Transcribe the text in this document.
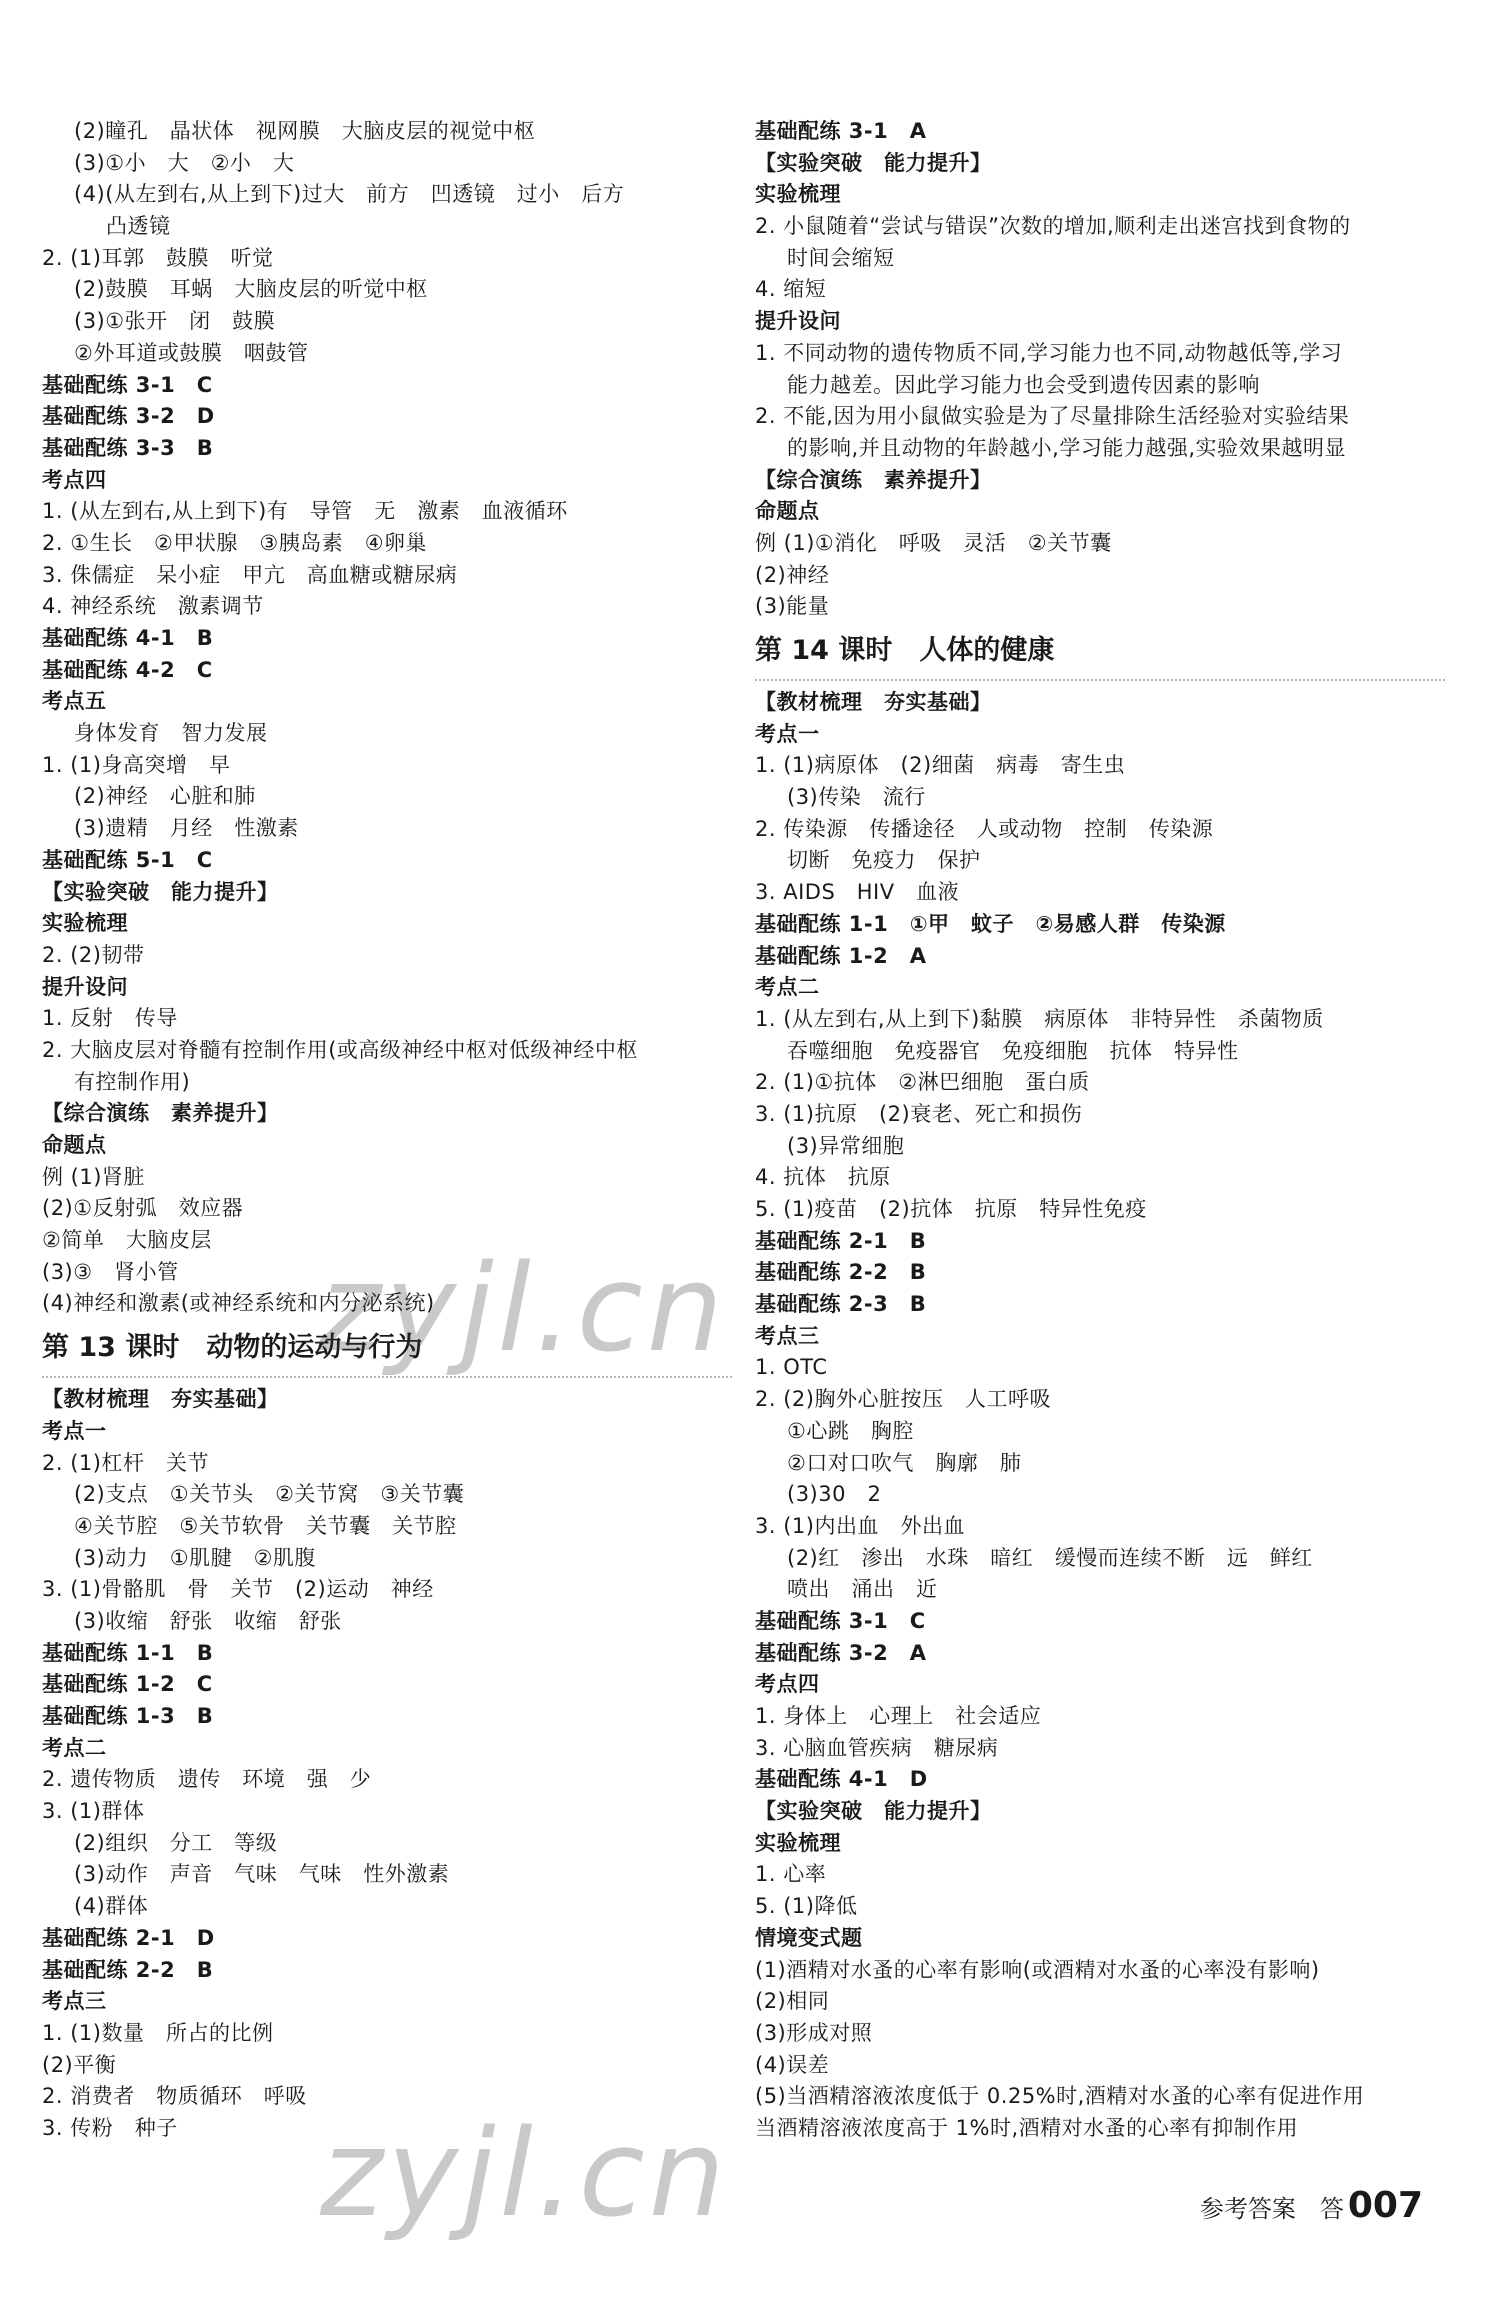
(2)瞳孔　晶状体　视网膜　大脑皮层的视觉中枢
(3)①小　大　②小　大
(4)(从左到右,从上到下)过大　前方　凹透镜　过小　后方
凸透镜
2. (1)耳郭　鼓膜　听觉
(2)鼓膜　耳蜗　大脑皮层的听觉中枢
(3)①张开　闭　鼓膜
②外耳道或鼓膜　咽鼓管
基础配练 3-1　C
基础配练 3-2　D
基础配练 3-3　B
考点四
1. (从左到右,从上到下)有　导管　无　激素　血液循环
2. ①生长　②甲状腺　③胰岛素　④卵巢
3. 侏儒症　呆小症　甲亢　高血糖或糖尿病
4. 神经系统　激素调节
基础配练 4-1　B
基础配练 4-2　C
考点五
身体发育　智力发展
1. (1)身高突增　早
(2)神经　心脏和肺
(3)遗精　月经　性激素
基础配练 5-1　C
【实验突破　能力提升】
实验梳理
2. (2)韧带
提升设问
1. 反射　传导
2. 大脑皮层对脊髓有控制作用(或高级神经中枢对低级神经中枢
有控制作用)
【综合演练　素养提升】
命题点
例 (1)肾脏
(2)①反射弧　效应器
②简单　大脑皮层
(3)③　肾小管
(4)神经和激素(或神经系统和内分泌系统)
第 13 课时　动物的运动与行为
【教材梳理　夯实基础】
考点一
2. (1)杠杆　关节
(2)支点　①关节头　②关节窝　③关节囊
④关节腔　⑤关节软骨　关节囊　关节腔
(3)动力　①肌腱　②肌腹
3. (1)骨骼肌　骨　关节　(2)运动　神经
(3)收缩　舒张　收缩　舒张
基础配练 1-1　B
基础配练 1-2　C
基础配练 1-3　B
考点二
2. 遗传物质　遗传　环境　强　少
3. (1)群体
(2)组织　分工　等级
(3)动作　声音　气味　气味　性外激素
(4)群体
基础配练 2-1　D
基础配练 2-2　B
考点三
1. (1)数量　所占的比例
(2)平衡
2. 消费者　物质循环　呼吸
3. 传粉　种子
基础配练 3-1　A
【实验突破　能力提升】
实验梳理
2. 小鼠随着“尝试与错误”次数的增加,顺利走出迷宫找到食物的
时间会缩短
4. 缩短
提升设问
1. 不同动物的遗传物质不同,学习能力也不同,动物越低等,学习
能力越差。因此学习能力也会受到遗传因素的影响
2. 不能,因为用小鼠做实验是为了尽量排除生活经验对实验结果
的影响,并且动物的年龄越小,学习能力越强,实验效果越明显
【综合演练　素养提升】
命题点
例 (1)①消化　呼吸　灵活　②关节囊
(2)神经
(3)能量
第 14 课时　人体的健康
【教材梳理　夯实基础】
考点一
1. (1)病原体　(2)细菌　病毒　寄生虫
(3)传染　流行
2. 传染源　传播途径　人或动物　控制　传染源
切断　免疫力　保护
3. AIDS　HIV　血液
基础配练 1-1　①甲　蚊子　②易感人群　传染源
基础配练 1-2　A
考点二
1. (从左到右,从上到下)黏膜　病原体　非特异性　杀菌物质
吞噬细胞　免疫器官　免疫细胞　抗体　特异性
2. (1)①抗体　②淋巴细胞　蛋白质
3. (1)抗原　(2)衰老、死亡和损伤
(3)异常细胞
4. 抗体　抗原
5. (1)疫苗　(2)抗体　抗原　特异性免疫
基础配练 2-1　B
基础配练 2-2　B
基础配练 2-3　B
考点三
1. OTC
2. (2)胸外心脏按压　人工呼吸
①心跳　胸腔
②口对口吹气　胸廓　肺
(3)30　2
3. (1)内出血　外出血
(2)红　渗出　水珠　暗红　缓慢而连续不断　远　鲜红
喷出　涌出　近
基础配练 3-1　C
基础配练 3-2　A
考点四
1. 身体上　心理上　社会适应
3. 心脑血管疾病　糖尿病
基础配练 4-1　D
【实验突破　能力提升】
实验梳理
1. 心率
5. (1)降低
情境变式题
(1)酒精对水蚤的心率有影响(或酒精对水蚤的心率没有影响)
(2)相同
(3)形成对照
(4)误差
(5)当酒精溶液浓度低于 0.25%时,酒精对水蚤的心率有促进作用
当酒精溶液浓度高于 1%时,酒精对水蚤的心率有抑制作用
zyjl.cn
zyjl.cn	参考答案　答 007
